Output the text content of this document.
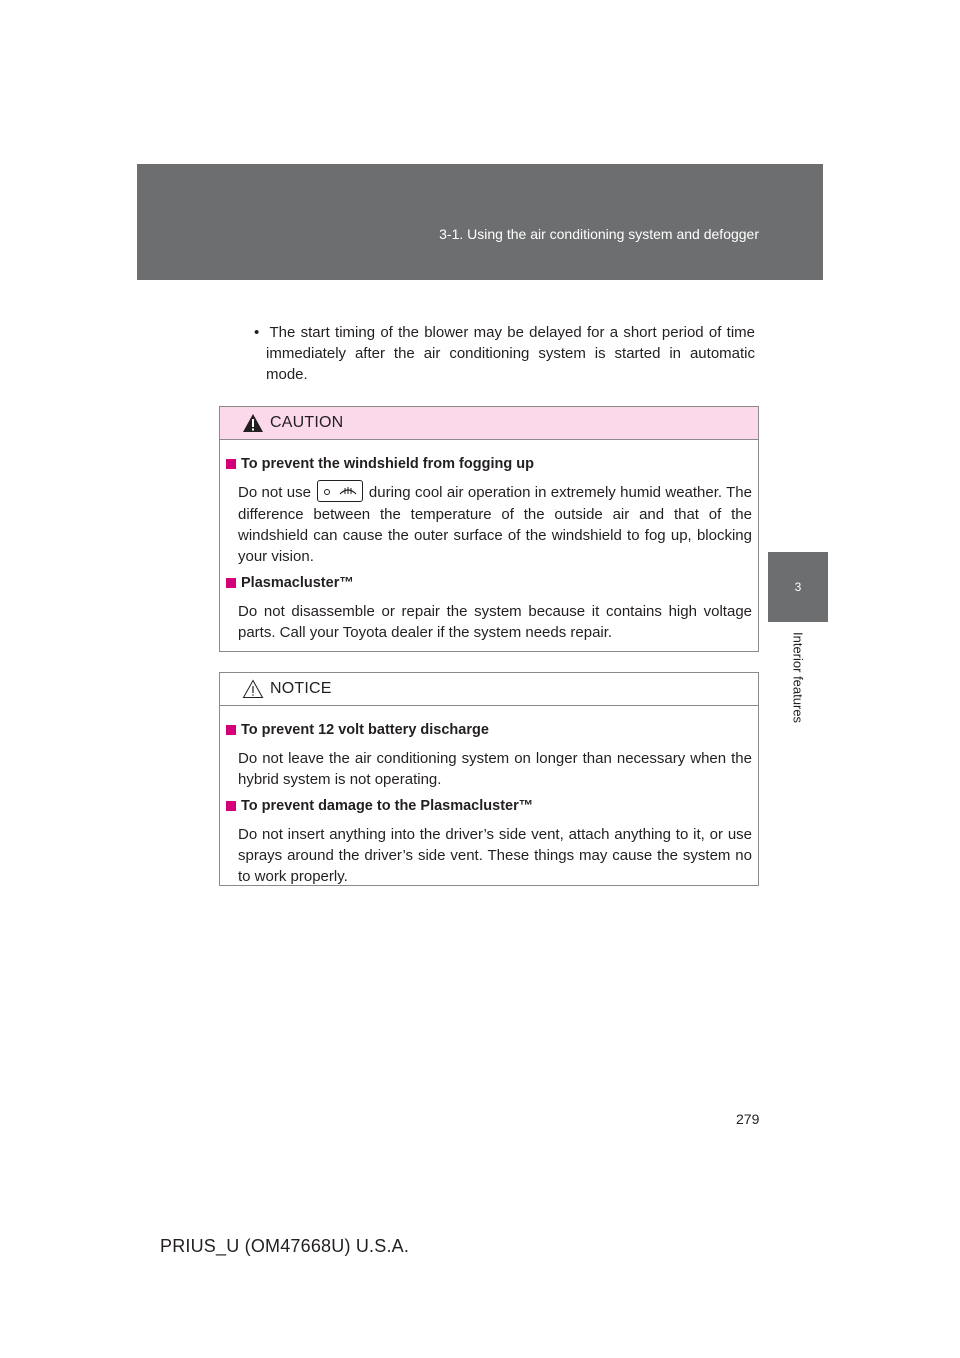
3-1. Using the air conditioning system and defogger
3
Interior features
• The start timing of the blower may be delayed for a short period of time immediately after the air conditioning system is started in automatic mode.
CAUTION
To prevent the windshield from fogging up
Do not use	during cool air operation in extremely humid weather. The difference between the temperature of the outside air and that of the windshield can cause the outer surface of the windshield to fog up, blocking your vision.
Plasmacluster™
Do not disassemble or repair the system because it contains high voltage parts. Call your Toyota dealer if the system needs repair.
NOTICE
To prevent 12 volt battery discharge
Do not leave the air conditioning system on longer than necessary when the hybrid system is not operating.
To prevent damage to the Plasmacluster™
Do not insert anything into the driver’s side vent, attach anything to it, or use sprays around the driver’s side vent. These things may cause the system no to work properly.
279
PRIUS_U (OM47668U) U.S.A.
